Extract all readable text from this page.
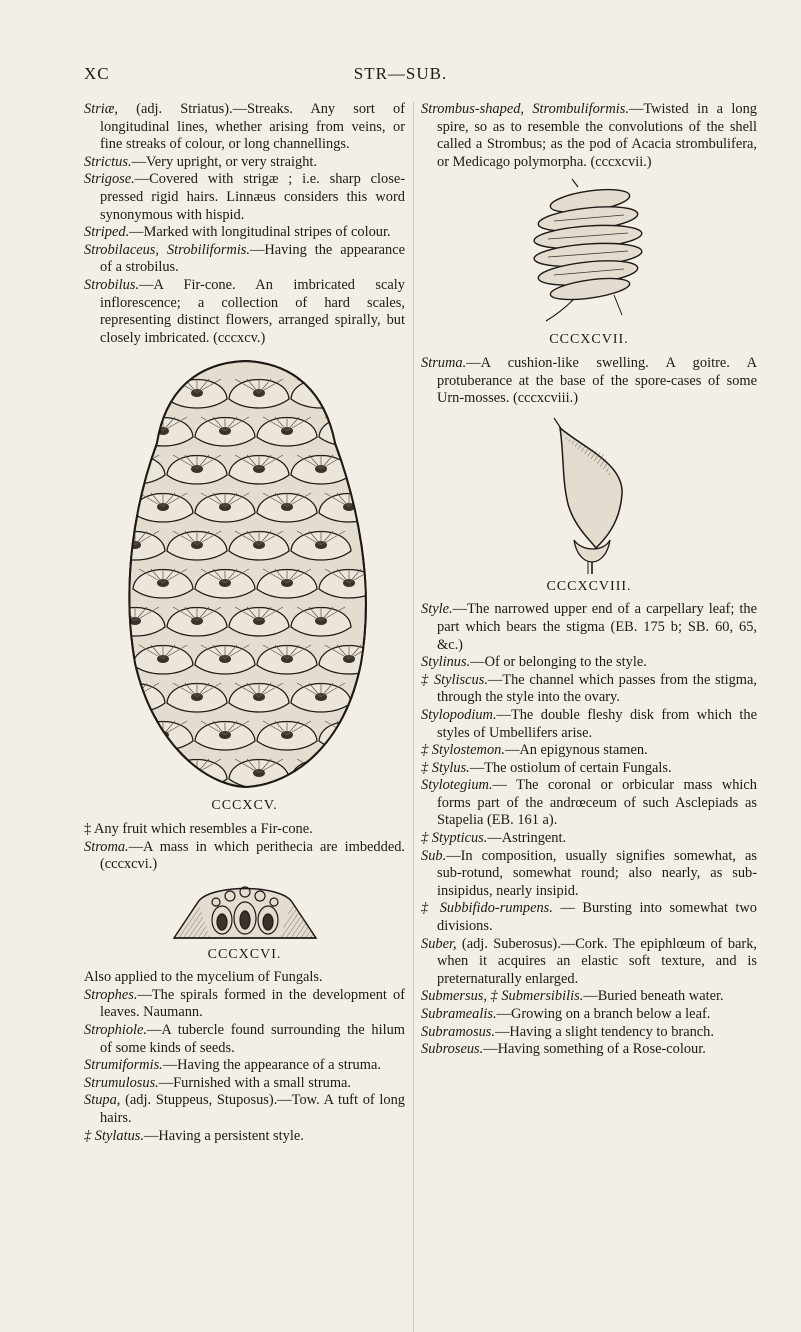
XC	STR—SUB.

Striæ, (adj. Striatus).—Streaks. Any sort of longitudinal lines, whether arising from veins, or fine streaks of colour, or long channellings.

Strictus.—Very upright, or very straight.

Strigose.—Covered with strigæ ; i.e. sharp close-pressed rigid hairs. Linnæus considers this word synonymous with hispid.

Striped.—Marked with longitudinal stripes of colour.

Strobilaceus, Strobiliformis.—Having the appearance of a strobilus.

Strobilus.—A Fir-cone. An imbricated scaly inflorescence; a collection of hard scales, representing distinct flowers, arranged spirally, but closely imbricated. (cccxcv.)

CCCXCV.

‡ Any fruit which resembles a Fir-cone.

Stroma.—A mass in which perithecia are imbedded. (cccxcvi.)

CCCXCVI.

Also applied to the mycelium of Fungals.

Strophes.—The spirals formed in the development of leaves. Naumann.

Strophiole.—A tubercle found surrounding the hilum of some kinds of seeds.

Strumiformis.—Having the appearance of a struma.

Strumulosus.—Furnished with a small struma.

Stupa, (adj. Stuppeus, Stuposus).—Tow. A tuft of long hairs.

‡ Stylatus.—Having a persistent style.

Strombus-shaped, Strombuliformis.—Twisted in a long spire, so as to resemble the convolutions of the shell called a Strombus; as the pod of Acacia strombulifera, or Medicago polymorpha. (cccxcvii.)

CCCXCVII.

Struma.—A cushion-like swelling. A goitre. A protuberance at the base of the spore-cases of some Urn-mosses. (cccxcviii.)

CCCXCVIII.

Style.—The narrowed upper end of a carpellary leaf; the part which bears the stigma (EB. 175 b; SB. 60, 65, &c.)

Stylinus.—Of or belonging to the style.

‡ Styliscus.—The channel which passes from the stigma, through the style into the ovary.

Stylopodium.—The double fleshy disk from which the styles of Umbellifers arise.

‡ Stylostemon.—An epigynous stamen.

‡ Stylus.—The ostiolum of certain Fungals.

Stylotegium.— The coronal or orbicular mass which forms part of the andrœceum of such Asclepiads as Stapelia (EB. 161 a).

‡ Stypticus.—Astringent.

Sub.—In composition, usually signifies somewhat, as sub-rotund, somewhat round; also nearly, as sub-insipidus, nearly insipid.

‡ Subbifido-rumpens. — Bursting into somewhat two divisions.

Suber, (adj. Suberosus).—Cork. The epiphlœum of bark, when it acquires an elastic soft texture, and is preternaturally enlarged.

Submersus, ‡ Submersibilis.—Buried beneath water.

Subramealis.—Growing on a branch below a leaf.

Subramosus.—Having a slight tendency to branch.

Subroseus.—Having something of a Rose-colour.
